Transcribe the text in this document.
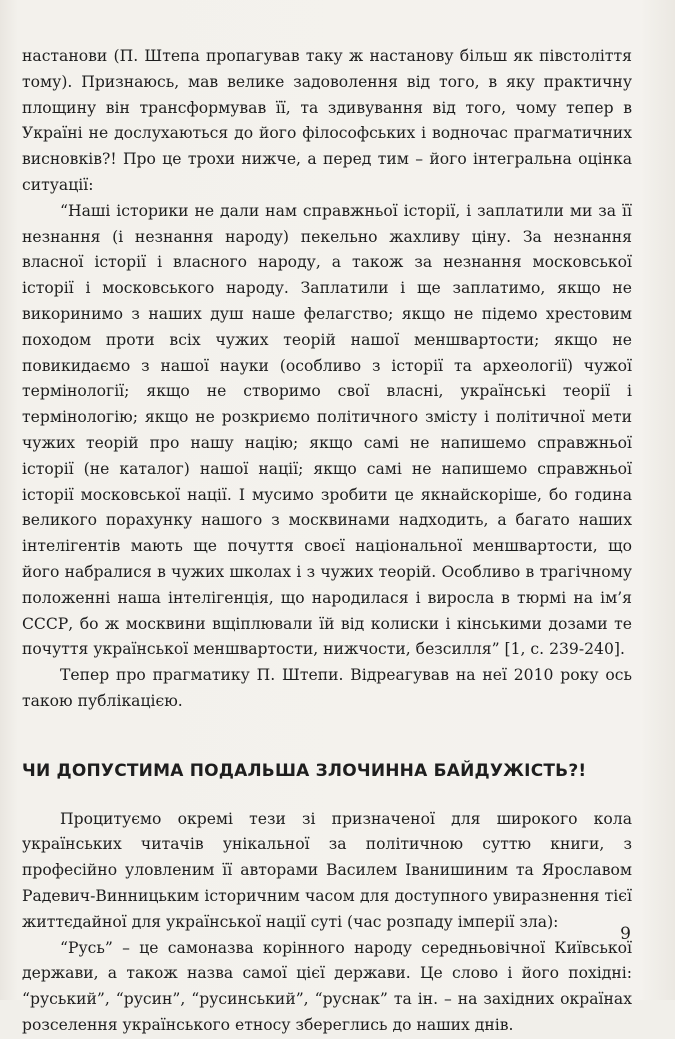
настанови (П. Штепа пропагував таку ж настанову більш як півстоліття тому). Признаюсь, мав велике задоволення від того, в яку практичну площину він трансформував її, та здивування від того, чому тепер в Україні не дослухаються до його філософських і водночас прагматичних висновків?! Про це трохи нижче, а перед тим – його інтегральна оцінка ситуації:

“Наші історики не дали нам справжньої історії, і заплатили ми за її незнання (і незнання народу) пекельно жахливу ціну. За незнання власної історії і власного народу, а також за незнання московської історії і московського народу. Заплатили і ще заплатимо, якщо не викоринимо з наших душ наше фелагство; якщо не підемо хрестовим походом проти всіх чужих теорій нашої меншвартости; якщо не повикидаємо з нашої науки (особливо з історії та археології) чужої термінології; якщо не створимо свої власні, українські теорії і термінологію; якщо не розкриємо політичного змісту і політичної мети чужих теорій про нашу націю; якщо самі не напишемо справжньої історії (не каталог) нашої нації; якщо самі не напишемо справжньої історії московської нації. І мусимо зробити це якнайскоріше, бо година великого порахунку нашого з москвинами надходить, а багато наших інтелігентів мають ще почуття своєї національної меншвартости, що його набралися в чужих школах і з чужих теорій. Особливо в трагічному положенні наша інтелігенція, що народилася і виросла в тюрмі на ім’я СССР, бо ж москвини вщіплювали їй від колиски і кінськими дозами те почуття української меншвартости, нижчости, безсилля” [1, с. 239-240].

Тепер про прагматику П. Штепи. Відреагував на неї 2010 року ось такою публікацією.

ЧИ ДОПУСТИМА ПОДАЛЬША ЗЛОЧИННА БАЙДУЖІСТЬ?!

Процитуємо окремі тези зі призначеної для широкого кола українських читачів унікальної за політичною суттю книги, з професійно уловленим її авторами Василем Іванишиним та Ярославом Радевич-Винницьким історичним часом для доступного увиразнення тієї життєдайної для української нації суті (час розпаду імперії зла):

“Русь” – це самоназва корінного народу середньовічної Київської держави, а також назва самої цієї держави. Це слово і його похідні: “руський”, “русин”, “русинський”, “руснак” та ін. – на західних окраїнах розселення українського етносу збереглись до наших днів.

9
